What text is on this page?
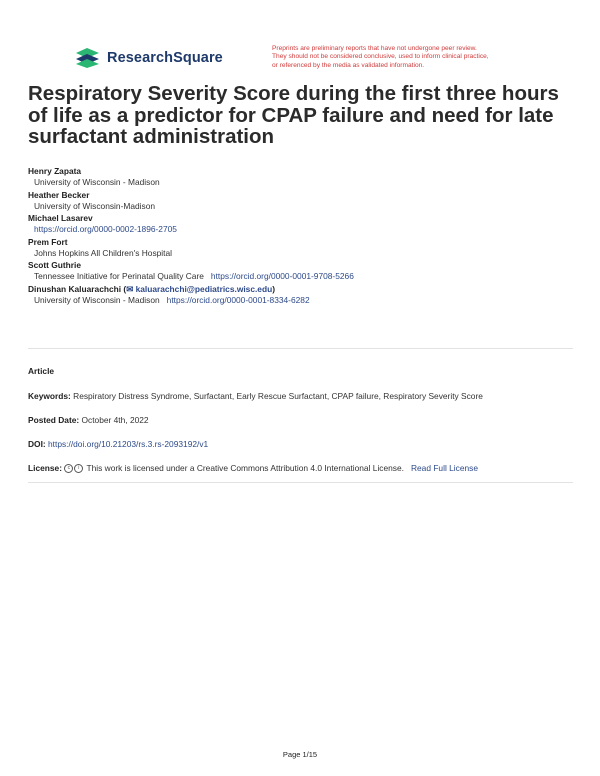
ResearchSquare
Preprints are preliminary reports that have not undergone peer review.
They should not be considered conclusive, used to inform clinical practice,
or referenced by the media as validated information.
Respiratory Severity Score during the first three hours of life as a predictor for CPAP failure and need for late surfactant administration
Henry Zapata
University of Wisconsin - Madison
Heather Becker
University of Wisconsin-Madison
Michael Lasarev
https://orcid.org/0000-0002-1896-2705
Prem Fort
Johns Hopkins All Children's Hospital
Scott Guthrie
Tennessee Initiative for Perinatal Quality Care https://orcid.org/0000-0001-9708-5266
Dinushan Kaluarachchi (✉ kaluarachchi@pediatrics.wisc.edu)
University of Wisconsin - Madison https://orcid.org/0000-0001-8334-6282
Article
Keywords: Respiratory Distress Syndrome, Surfactant, Early Rescue Surfactant, CPAP failure, Respiratory Severity Score
Posted Date: October 4th, 2022
DOI: https://doi.org/10.21203/rs.3.rs-2093192/v1
License: c i This work is licensed under a Creative Commons Attribution 4.0 International License. Read Full License
Page 1/15
